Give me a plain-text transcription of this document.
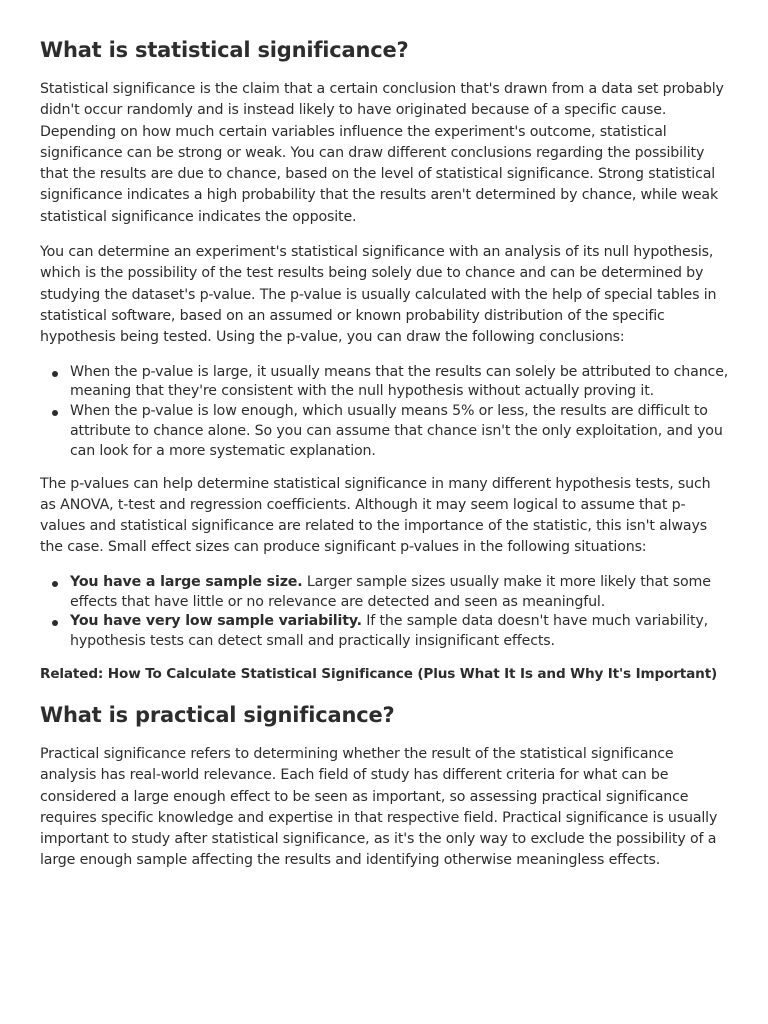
What is statistical significance?

Statistical significance is the claim that a certain conclusion that's drawn from a data set probably didn't occur randomly and is instead likely to have originated because of a specific cause. Depending on how much certain variables influence the experiment's outcome, statistical significance can be strong or weak. You can draw different conclusions regarding the possibility that the results are due to chance, based on the level of statistical significance. Strong statistical significance indicates a high probability that the results aren't determined by chance, while weak statistical significance indicates the opposite.

You can determine an experiment's statistical significance with an analysis of its null hypothesis, which is the possibility of the test results being solely due to chance and can be determined by studying the dataset's p-value. The p-value is usually calculated with the help of special tables in statistical software, based on an assumed or known probability distribution of the specific hypothesis being tested. Using the p-value, you can draw the following conclusions:

When the p-value is large, it usually means that the results can solely be attributed to chance, meaning that they're consistent with the null hypothesis without actually proving it.
When the p-value is low enough, which usually means 5% or less, the results are difficult to attribute to chance alone. So you can assume that chance isn't the only exploitation, and you can look for a more systematic explanation.

The p-values can help determine statistical significance in many different hypothesis tests, such as ANOVA, t-test and regression coefficients. Although it may seem logical to assume that p-values and statistical significance are related to the importance of the statistic, this isn't always the case. Small effect sizes can produce significant p-values in the following situations:

You have a large sample size. Larger sample sizes usually make it more likely that some effects that have little or no relevance are detected and seen as meaningful.
You have very low sample variability. If the sample data doesn't have much variability, hypothesis tests can detect small and practically insignificant effects.

Related: How To Calculate Statistical Significance (Plus What It Is and Why It's Important)

What is practical significance?

Practical significance refers to determining whether the result of the statistical significance analysis has real-world relevance. Each field of study has different criteria for what can be considered a large enough effect to be seen as important, so assessing practical significance requires specific knowledge and expertise in that respective field. Practical significance is usually important to study after statistical significance, as it's the only way to exclude the possibility of a large enough sample affecting the results and identifying otherwise meaningless effects.
